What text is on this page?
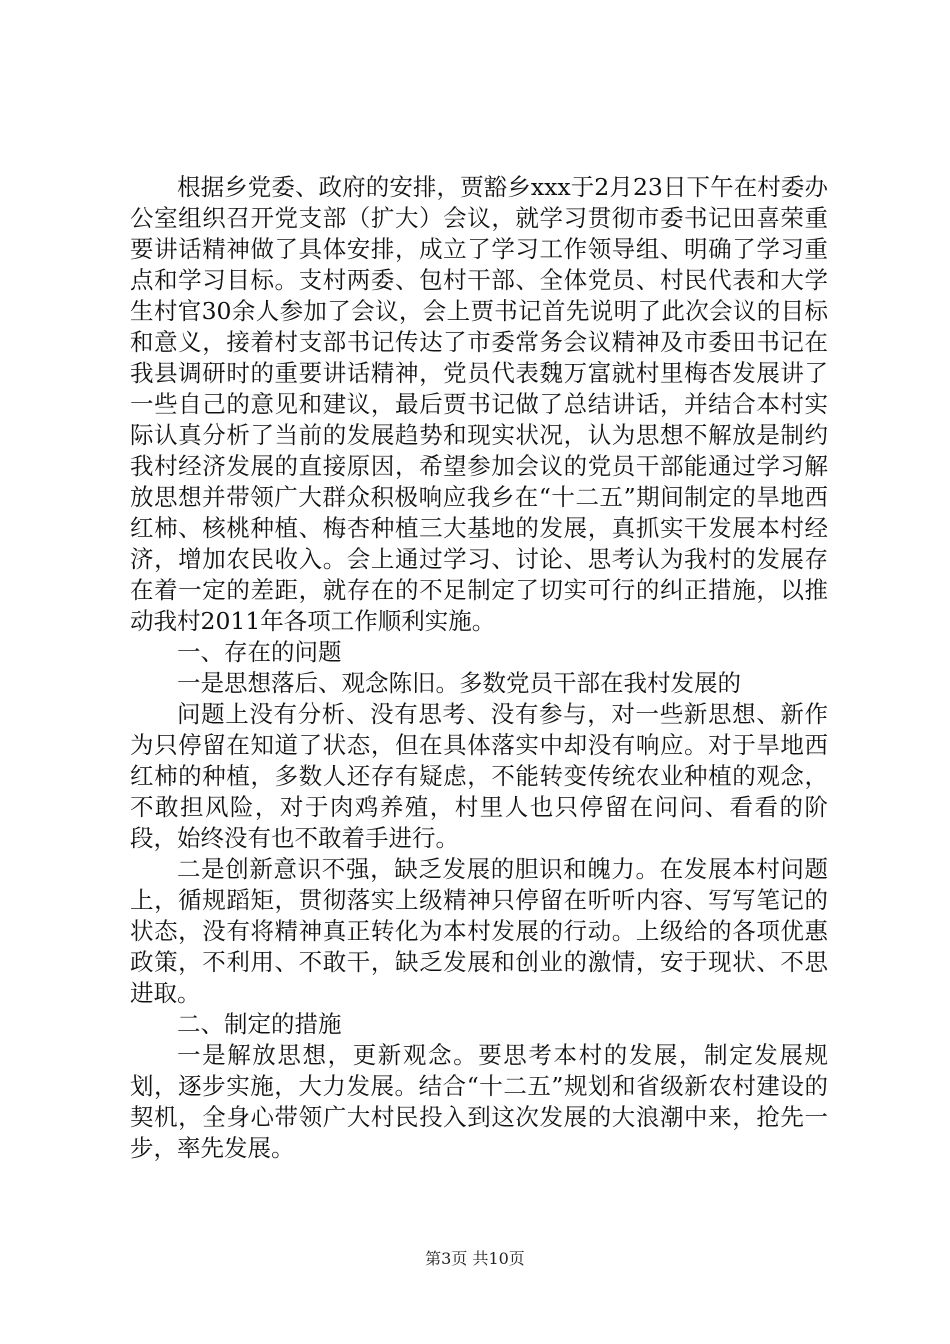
根据乡党委、政府的安排，贾豁乡xxx于2月23日下午在村委办公室组织召开党支部（扩大）会议，就学习贯彻市委书记田喜荣重要讲话精神做了具体安排，成立了学习工作领导组、明确了学习重点和学习目标。支村两委、包村干部、全体党员、村民代表和大学生村官30余人参加了会议，会上贾书记首先说明了此次会议的目标和意义，接着村支部书记传达了市委常务会议精神及市委田书记在我县调研时的重要讲话精神，党员代表魏万富就村里梅杏发展讲了一些自己的意见和建议，最后贾书记做了总结讲话，并结合本村实际认真分析了当前的发展趋势和现实状况，认为思想不解放是制约我村经济发展的直接原因，希望参加会议的党员干部能通过学习解放思想并带领广大群众积极响应我乡在“十二五”期间制定的旱地西红柿、核桃种植、梅杏种植三大基地的发展，真抓实干发展本村经济，增加农民收入。会上通过学习、讨论、思考认为我村的发展存在着一定的差距，就存在的不足制定了切实可行的纠正措施，以推动我村2011年各项工作顺利实施。

一、存在的问题

一是思想落后、观念陈旧。多数党员干部在我村发展的

问题上没有分析、没有思考、没有参与，对一些新思想、新作为只停留在知道了状态，但在具体落实中却没有响应。对于旱地西红柿的种植，多数人还存有疑虑，不能转变传统农业种植的观念，不敢担风险，对于肉鸡养殖，村里人也只停留在问问、看看的阶段，始终没有也不敢着手进行。

二是创新意识不强，缺乏发展的胆识和魄力。在发展本村问题上，循规蹈矩，贯彻落实上级精神只停留在听听内容、写写笔记的状态，没有将精神真正转化为本村发展的行动。上级给的各项优惠政策，不利用、不敢干，缺乏发展和创业的激情，安于现状、不思进取。

二、制定的措施

一是解放思想，更新观念。要思考本村的发展，制定发展规划，逐步实施，大力发展。结合“十二五”规划和省级新农村建设的契机，全身心带领广大村民投入到这次发展的大浪潮中来，抢先一步，率先发展。

第3页 共10页
